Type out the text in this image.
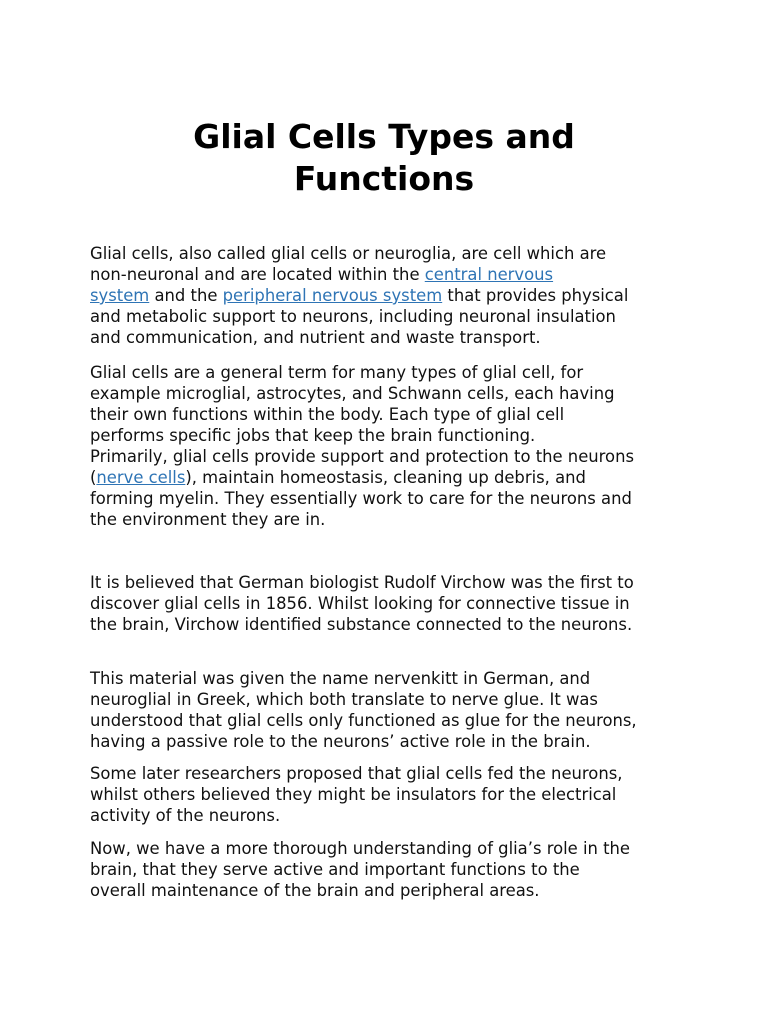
Glial Cells Types and
Functions

Glial cells, also called glial cells or neuroglia, are cell which are
non-neuronal and are located within the central nervous
system and the peripheral nervous system that provides physical
and metabolic support to neurons, including neuronal insulation
and communication, and nutrient and waste transport.

Glial cells are a general term for many types of glial cell, for
example microglial, astrocytes, and Schwann cells, each having
their own functions within the body. Each type of glial cell
performs specific jobs that keep the brain functioning.
Primarily, glial cells provide support and protection to the neurons
(nerve cells), maintain homeostasis, cleaning up debris, and
forming myelin. They essentially work to care for the neurons and
the environment they are in.

It is believed that German biologist Rudolf Virchow was the first to
discover glial cells in 1856. Whilst looking for connective tissue in
the brain, Virchow identified substance connected to the neurons.

This material was given the name nervenkitt in German, and
neuroglial in Greek, which both translate to nerve glue. It was
understood that glial cells only functioned as glue for the neurons,
having a passive role to the neurons’ active role in the brain.

Some later researchers proposed that glial cells fed the neurons,
whilst others believed they might be insulators for the electrical
activity of the neurons.

Now, we have a more thorough understanding of glia’s role in the
brain, that they serve active and important functions to the
overall maintenance of the brain and peripheral areas.
